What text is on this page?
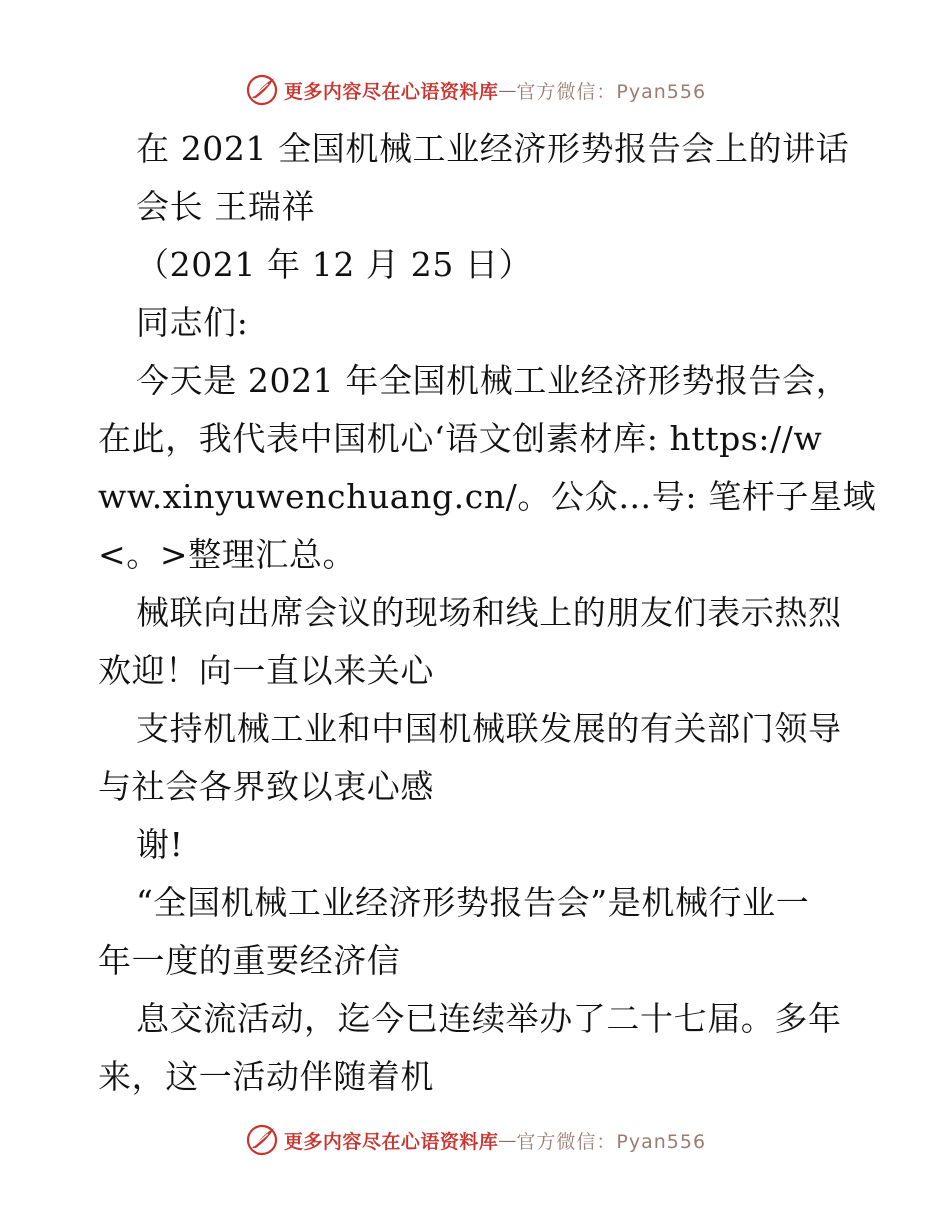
更多内容尽在心语资料库 — 官方微信：Pyan556
在 2021 全国机械工业经济形势报告会上的讲话
会长 王瑞祥
（2021 年 12 月 25 日）
同志们:
今天是 2021 年全国机械工业经济形势报告会，
在此，我代表中国机心‘语文创素材库: https://w
ww.xinyuwenchuang.cn/。公众…号: 笔杆子星域
<。>整理汇总。
械联向出席会议的现场和线上的朋友们表示热烈
欢迎！向一直以来关心
支持机械工业和中国机械联发展的有关部门领导
与社会各界致以衷心感
谢!
“全国机械工业经济形势报告会”是机械行业一
年一度的重要经济信
息交流活动，迄今已连续举办了二十七届。多年
来，这一活动伴随着机
更多内容尽在心语资料库 — 官方微信：Pyan556
